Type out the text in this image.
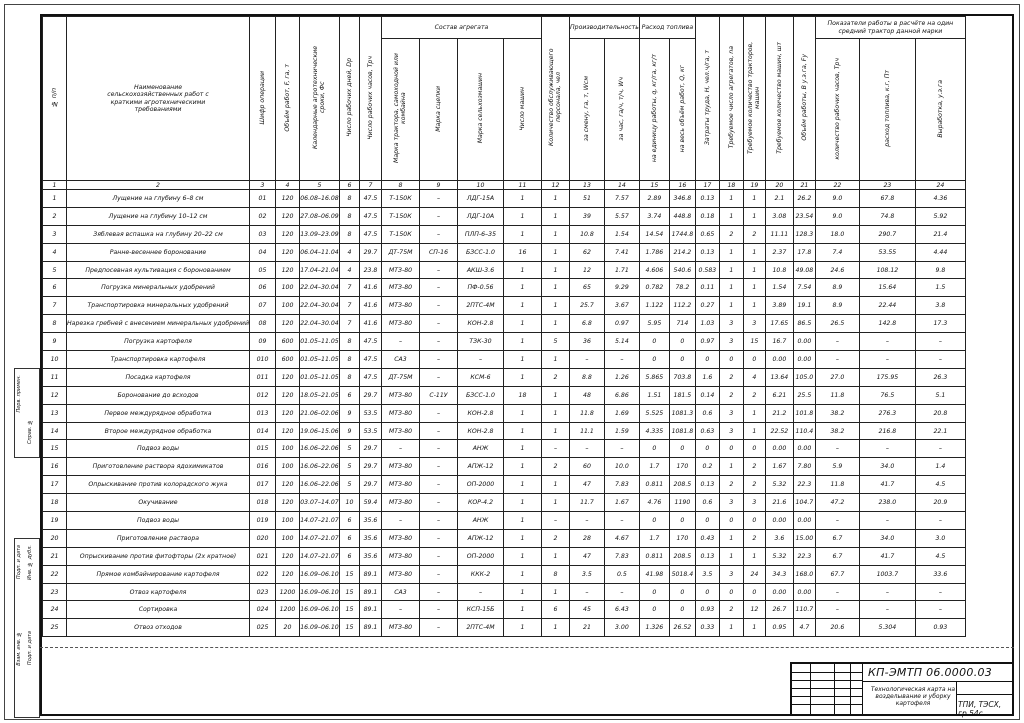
Перв. примен.
Справ. №
Подп. и дата Инв. № дубл.
Взам. инв. № Подп. и дата
№ п/п	Наименование сельскохозяйственных работ с краткими агротехническими требованиями	Шифр операции	Объём работ, F, га, т	Календарные агротехнические сроки, Фс	Число рабочих дней, Dр	Число рабочих часов, Tрч	Состав агрегата				Количество обслуживающего персонала, чел	Производительность		Расход топлива		Затраты труда, Н, чел.ч/га, т	Требуемое число агрегатов, nа	Требуемое количество тракторов, машин	Требуемое количество машин, шт	Объём работы, В у.э.га, Fy	Показатели работы в расчёте на один средний трактор данной марки		

							Марка трактора, самоходной или комбайна	Марка сцепки	Марка сельхозмашин	Число машин		за смену, га, т, Wсм	за час, га/ч, т/ч, Wч	на единицу работы, q, кг/га, кг/т	на весь объём работ, Q, кг						количество рабочих часов, Tрч	расход топлива, к.г, Пт	Выработка, у.э.га
1	2	3	4	5	6	7	8	9	10	11	12	13	14	15	16	17	18	19	20	21	22	23	24
1	Лущение на глубину 6–8 см	01	120	06.08–16.08	8	47.5	Т-150К	–	ЛДГ-15А	1	1	51	7.57	2.89	346.8	0.13	1	1	2.1	26.2	9.0	67.8	4.36
2	Лущение на глубину 10–12 см	02	120	27.08–06.09	8	47.5	Т-150К	–	ЛДГ-10А	1	1	39	5.57	3.74	448.8	0.18	1	1	3.08	23.54	9.0	74.8	5.92
3	Зяблевая вспашка на глубину 20–22 см	03	120	13.09–23.09	8	47.5	Т-150К	–	ПЛП-6–35	1	1	10.8	1.54	14.54	1744.8	0.65	2	2	11.11	128.3	18.0	290.7	21.4
4	Ранне-весеннее боронование	04	120	06.04–11.04	4	29.7	ДТ-75М	СП-16	БЗСС-1.0	16	1	62	7.41	1.786	214.2	0.13	1	1	2.37	17.8	7.4	53.55	4.44
5	Предпосевная культивация с боронованием	05	120	17.04–21.04	4	23.8	МТЗ-80	–	АКШ-3.6	1	1	12	1.71	4.606	540.6	0.583	1	1	10.8	49.08	24.6	108.12	9.8
6	Погрузка минеральных удобрений	06	100	22.04–30.04	7	41.6	МТЗ-80	–	ПФ-0.56	1	1	65	9.29	0.782	78.2	0.11	1	1	1.54	7.54	8.9	15.64	1.5
7	Транспортировка минеральных удобрений	07	100	22.04–30.04	7	41.6	МТЗ-80	–	2ПТС-4М	1	1	25.7	3.67	1.122	112.2	0.27	1	1	3.89	19.1	8.9	22.44	3.8
8	Нарезка гребней с внесением минеральных удобрений	08	120	22.04–30.04	7	41.6	МТЗ-80	–	КОН-2.8	1	1	6.8	0.97	5.95	714	1.03	3	3	17.65	86.5	26.5	142.8	17.3
9	Погрузка картофеля	09	600	01.05–11.05	8	47.5	–	–	ТЗК-30	1	5	36	5.14	0	0	0.97	3	15	16.7	0.00	–	–	–
10	Транспортировка картофеля	010	600	01.05–11.05	8	47.5	СА3	–	–	1	1	–	–	0	0	0	0	0	0.00	0.00	–	–	–
11	Посадка картофеля	011	120	01.05–11.05	8	47.5	ДТ-75М	–	КСМ-6	1	2	8.8	1.26	5.865	703.8	1.6	2	4	13.64	105.0	27.0	175.95	26.3
12	Боронование до всходов	012	120	18.05–21.05	6	29.7	МТЗ-80	С-11У	БЗСС-1.0	18	1	48	6.86	1.51	181.5	0.14	2	2	6.21	25.5	11.8	76.5	5.1
13	Первое междурядное обработка	013	120	21.06–02.06	9	53.5	МТЗ-80	–	КОН-2.8	1	1	11.8	1.69	5.525	1081.3	0.6	3	1	21.2	101.8	38.2	276.3	20.8
14	Второе междурядное обработка	014	120	19.06–15.06	9	53.5	МТЗ-80	–	КОН-2.8	1	1	11.1	1.59	4.335	1081.8	0.63	3	1	22.52	110.4	38.2	216.8	22.1
15	Подвоз воды	015	100	16.06–22.06	5	29.7	–	–	АНЖ	1	–	–	–	0	0	0	0	0	0.00	0.00	–	–	–
16	Приготовление раствора ядохимикатов	016	100	16.06–22.06	5	29.7	МТЗ-80	–	АПЖ-12	1	2	60	10.0	1.7	170	0.2	1	2	1.67	7.80	5.9	34.0	1.4
17	Опрыскивание против колорадского жука	017	120	16.06–22.06	5	29.7	МТЗ-80	–	ОП-2000	1	1	47	7.83	0.811	208.5	0.13	2	2	5.32	22.3	11.8	41.7	4.5
18	Окучивание	018	120	03.07–14.07	10	59.4	МТЗ-80	–	КОР-4.2	1	1	11.7	1.67	4.76	1190	0.6	3	3	21.6	104.7	47.2	238.0	20.9
19	Подвоз воды	019	100	14.07–21.07	6	35.6	–	–	АНЖ	1	–	–	–	0	0	0	0	0	0.00	0.00	–	–	–
20	Приготовление раствора	020	100	14.07–21.07	6	35.6	МТЗ-80	–	АПЖ-12	1	2	28	4.67	1.7	170	0.43	1	2	3.6	15.00	6.7	34.0	3.0
21	Опрыскивание против фитофторы (2x кратное)	021	120	14.07–21.07	6	35.6	МТЗ-80	–	ОП-2000	1	1	47	7.83	0.811	208.5	0.13	1	1	5.32	22.3	6.7	41.7	4.5
22	Прямое комбайнирование картофеля	022	120	16.09–06.10	15	89.1	МТЗ-80	–	ККК-2	1	8	3.5	0.5	41.98	5018.4	3.5	3	24	34.3	168.0	67.7	1003.7	33.6
23	Отвоз картофеля	023	1200	16.09–06.10	15	89.1	СА3	–	–	1	1	–	–	0	0	0	0	0	0.00	0.00	–	–	–
24	Сортировка	024	1200	16.09–06.10	15	89.1	–	–	КСП-15Б	1	6	45	6.43	0	0	0.93	2	12	26.7	110.7	–	–	–
25	Отвоз отходов	025	20	16.09–06.10	15	89.1	МТЗ-80	–	2ПТС-4М	1	1	21	3.00	1.326	26.52	0.33	1	1	0.95	4.7	20.6	5.304	0.93
КП-ЭМТП 06.0000.03
Технологическая карта на возделывание и уборку картофеля	ТПИ, ТЭСХ, гр 54с
